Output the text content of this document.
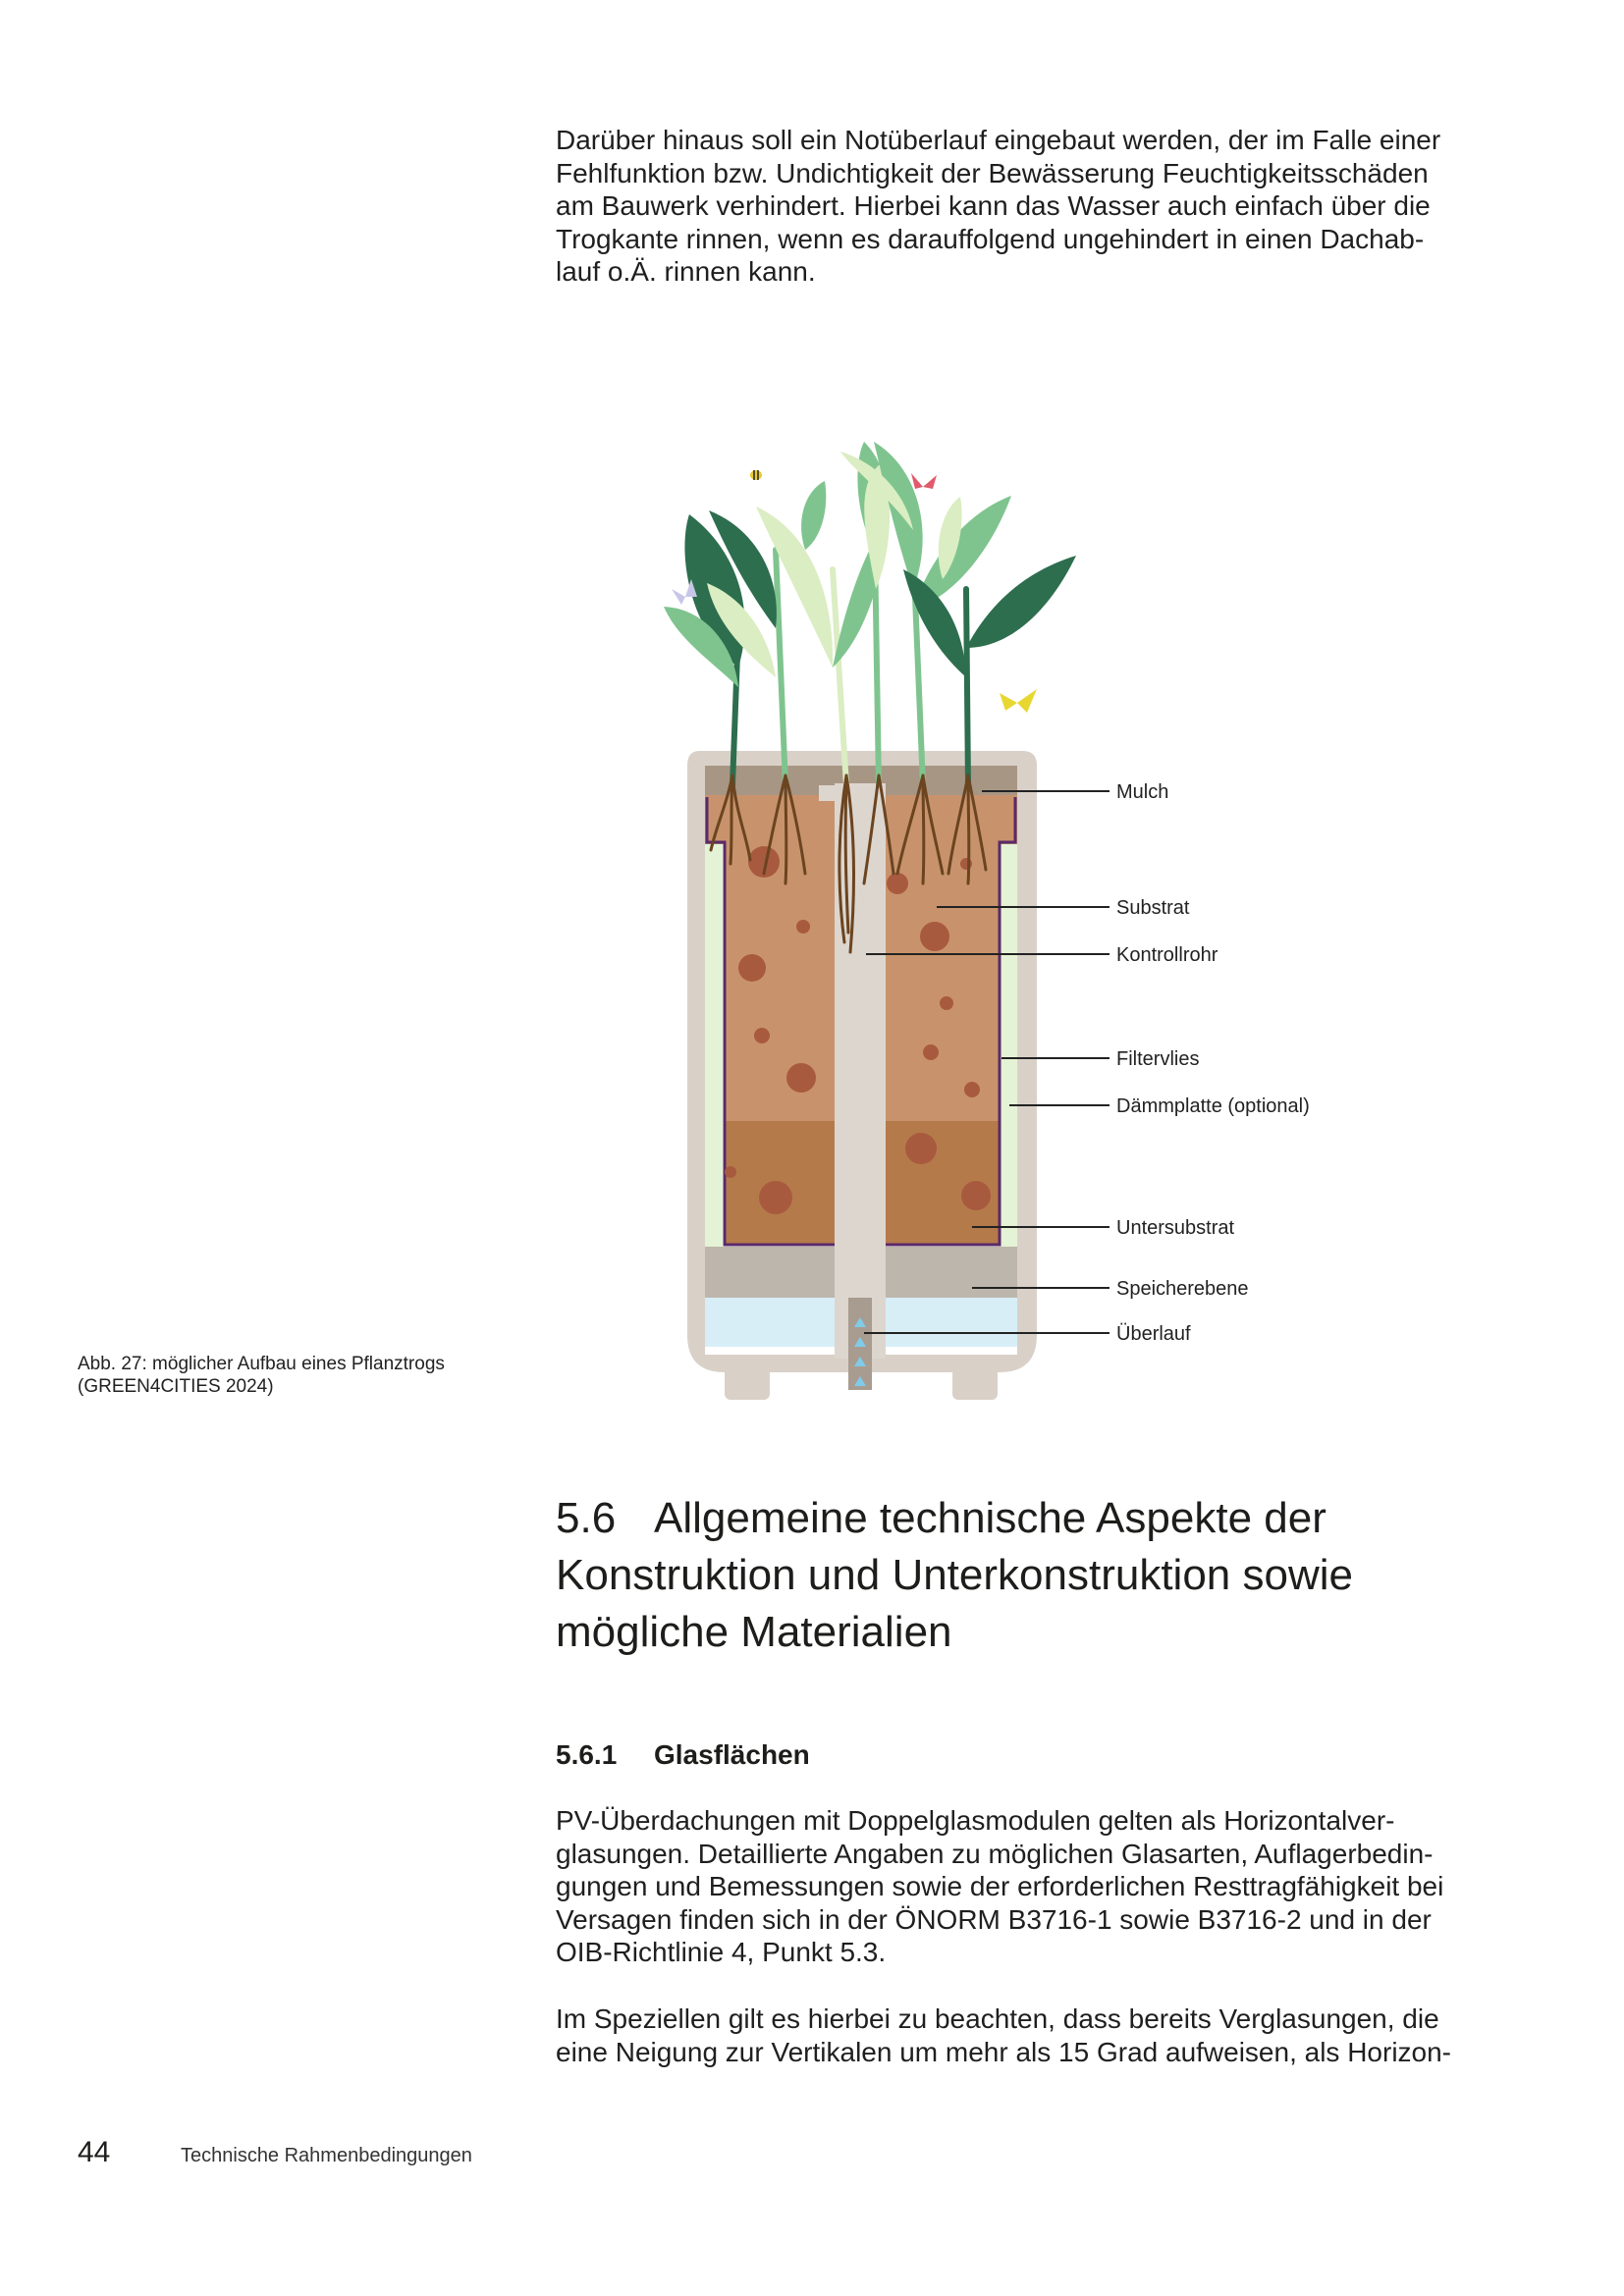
Darüber hinaus soll ein Notüberlauf eingebaut werden, der im Falle einer
Fehlfunktion bzw. Undichtigkeit der Bewässerung Feuchtigkeitsschäden
am Bauwerk verhindert. Hierbei kann das Wasser auch einfach über die
Trogkante rinnen, wenn es darauffolgend ungehindert in einen Dachab-
lauf o.Ä. rinnen kann.

Mulch
Substrat
Kontrollrohr
Filtervlies
Dämmplatte (optional)
Untersubstrat
Speicherebene
Überlauf
Abb. 27: möglicher Aufbau eines Pflanztrogs
(GREEN4CITIES 2024)
5.6 Allgemeine technische Aspekte der
Konstruktion und Unterkonstruktion sowie
mögliche Materialien
5.6.1 Glasflächen

PV-Überdachungen mit Doppelglasmodulen gelten als Horizontalver-
glasungen. Detaillierte Angaben zu möglichen Glasarten, Auflagerbedin-
gungen und Bemessungen sowie der erforderlichen Resttragfähigkeit bei
Versagen finden sich in der ÖNORM B3716-1 sowie B3716-2 und in der
OIB-Richtlinie 4, Punkt 5.3.

Im Speziellen gilt es hierbei zu beachten, dass bereits Verglasungen, die
eine Neigung zur Vertikalen um mehr als 15 Grad aufweisen, als Horizon-

44	Technische Rahmenbedingungen
